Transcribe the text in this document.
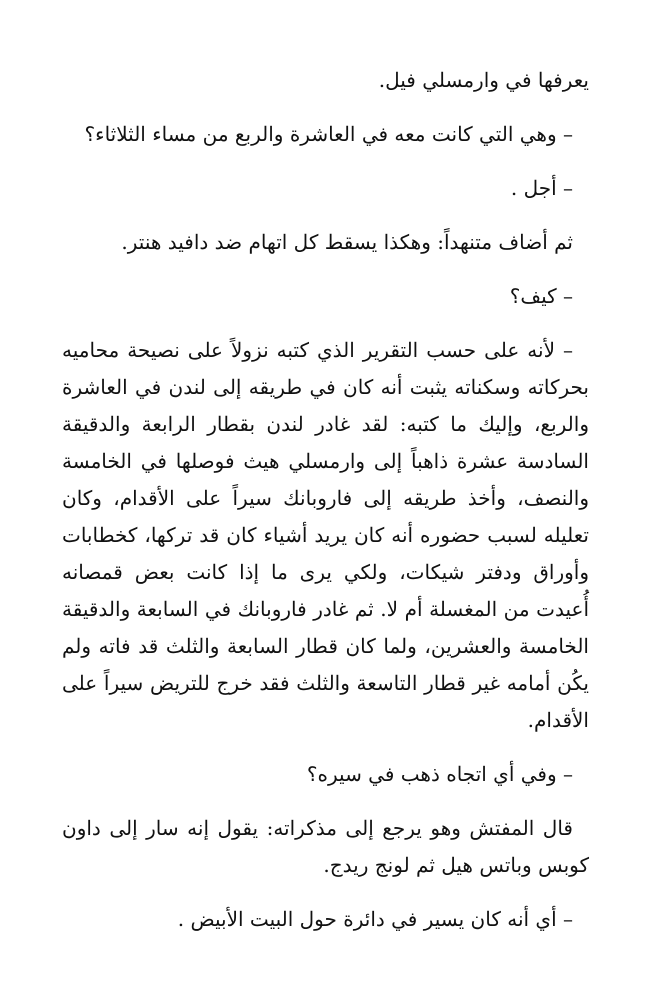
يعرفها في وارمسلي فيل.

– وهي التي كانت معه في العاشرة والربع من مساء الثلاثاء؟

– أجل .

ثم أضاف متنهداً: وهكذا يسقط كل اتهام ضد دافيد هنتر.

– كيف؟

– لأنه على حسب التقرير الذي كتبه نزولاً على نصيحة محاميه بحركاته وسكناته يثبت أنه كان في طريقه إلى لندن في العاشرة والربع، وإليك ما كتبه: لقد غادر لندن بقطار الرابعة والدقيقة السادسة عشرة ذاهباً إلى وارمسلي هيث فوصلها في الخامسة والنصف، وأخذ طريقه إلى فاروبانك سيراً على الأقدام، وكان تعليله لسبب حضوره أنه كان يريد أشياء كان قد تركها، كخطابات وأوراق ودفتر شيكات، ولكي يرى ما إذا كانت بعض قمصانه أُعيدت من المغسلة أم لا. ثم غادر فاروبانك في السابعة والدقيقة الخامسة والعشرين، ولما كان قطار السابعة والثلث قد فاته ولم يكُن أمامه غير قطار التاسعة والثلث فقد خرج للتريض سيراً على الأقدام.

– وفي أي اتجاه ذهب في سيره؟

قال المفتش وهو يرجع إلى مذكراته: يقول إنه سار إلى داون كوبس وباتس هيل ثم لونج ريدج.

– أي أنه كان يسير في دائرة حول البيت الأبيض .
